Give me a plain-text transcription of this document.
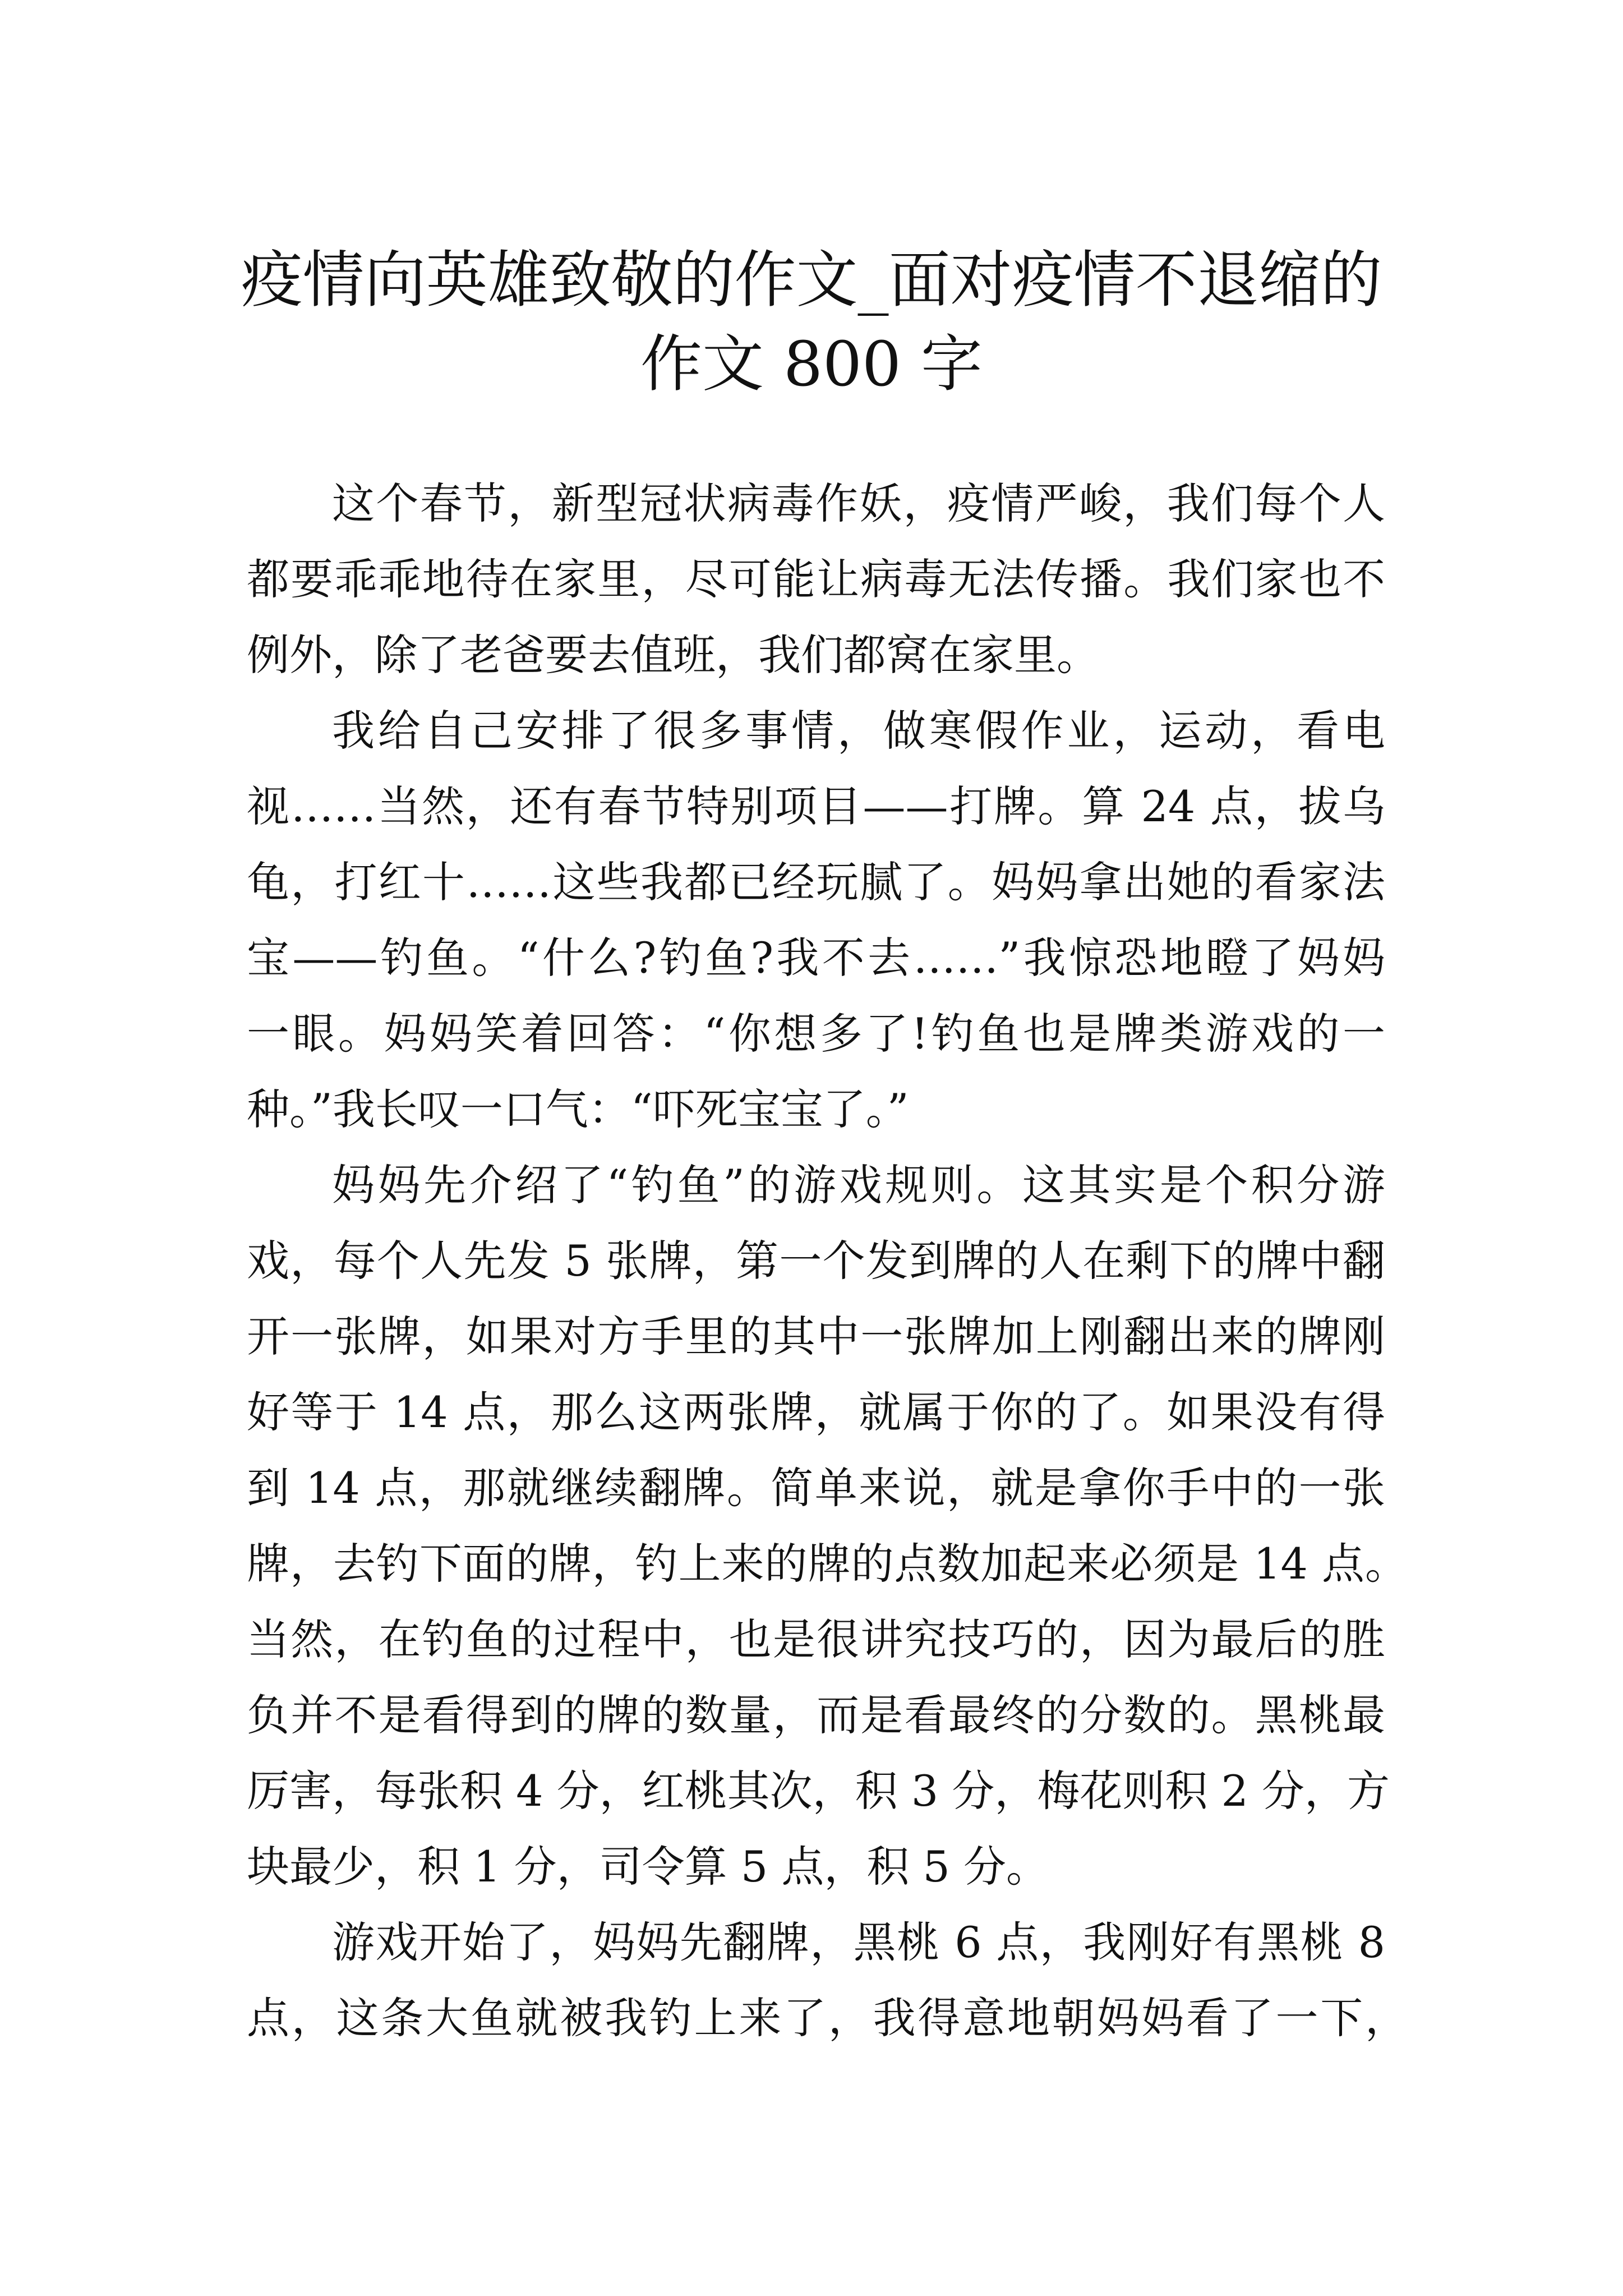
疫情向英雄致敬的作文_面对疫情不退缩的
作文 800 字
这个春节，新型冠状病毒作妖，疫情严峻，我们每个人
都要乖乖地待在家里，尽可能让病毒无法传播。我们家也不
例外，除了老爸要去值班，我们都窝在家里。
我给自己安排了很多事情，做寒假作业，运动，看电
视……当然，还有春节特别项目——打牌。算 24 点，拔乌
龟，打红十……这些我都已经玩腻了。妈妈拿出她的看家法
宝——钓鱼。“什么?钓鱼?我不去……”我惊恐地瞪了妈妈
一眼。妈妈笑着回答：“你想多了!钓鱼也是牌类游戏的一
种。”我长叹一口气：“吓死宝宝了。”
妈妈先介绍了“钓鱼”的游戏规则。这其实是个积分游
戏，每个人先发 5 张牌，第一个发到牌的人在剩下的牌中翻
开一张牌，如果对方手里的其中一张牌加上刚翻出来的牌刚
好等于 14 点，那么这两张牌，就属于你的了。如果没有得
到 14 点，那就继续翻牌。简单来说，就是拿你手中的一张
牌，去钓下面的牌，钓上来的牌的点数加起来必须是 14 点。
当然，在钓鱼的过程中，也是很讲究技巧的，因为最后的胜
负并不是看得到的牌的数量，而是看最终的分数的。黑桃最
厉害，每张积 4 分，红桃其次，积 3 分，梅花则积 2 分，方
块最少，积 1 分，司令算 5 点，积 5 分。
游戏开始了，妈妈先翻牌，黑桃 6 点，我刚好有黑桃 8
点，这条大鱼就被我钓上来了，我得意地朝妈妈看了一下，
